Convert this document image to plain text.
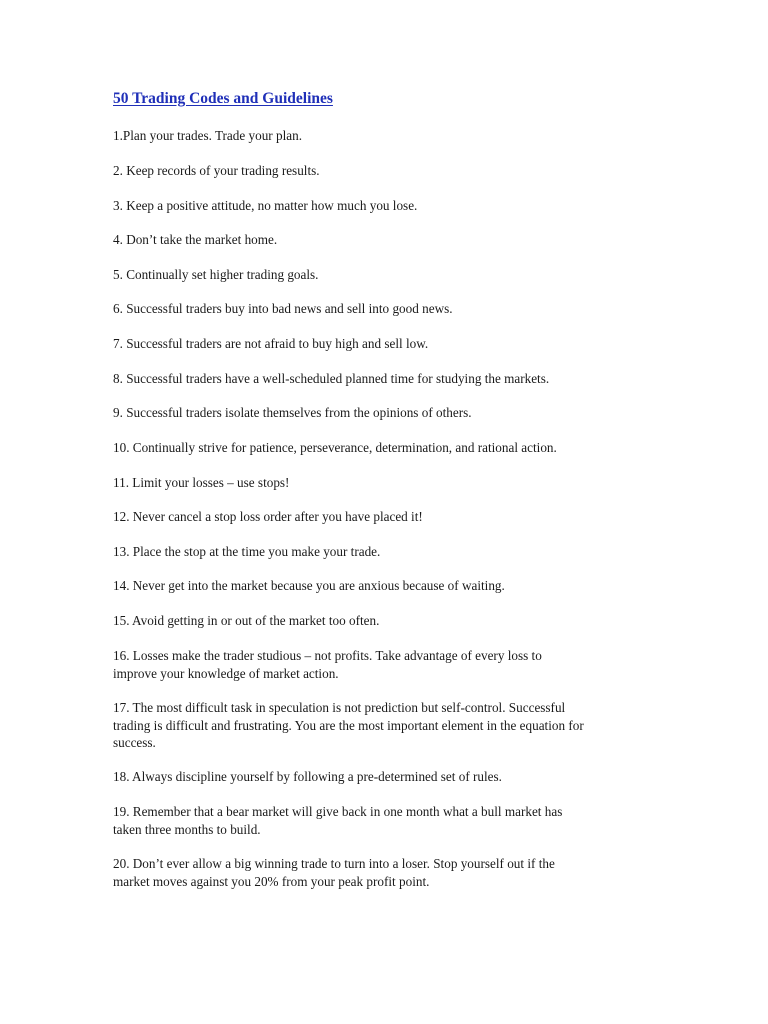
50 Trading Codes and Guidelines
1.Plan your trades. Trade your plan.
2. Keep records of your trading results.
3. Keep a positive attitude, no matter how much you lose.
4. Don’t take the market home.
5. Continually set higher trading goals.
6. Successful traders buy into bad news and sell into good news.
7. Successful traders are not afraid to buy high and sell low.
8. Successful traders have a well-scheduled planned time for studying the markets.
9. Successful traders isolate themselves from the opinions of others.
10. Continually strive for patience, perseverance, determination, and rational action.
11. Limit your losses – use stops!
12. Never cancel a stop loss order after you have placed it!
13. Place the stop at the time you make your trade.
14. Never get into the market because you are anxious because of waiting.
15. Avoid getting in or out of the market too often.
16. Losses make the trader studious – not profits. Take advantage of every loss to
improve your knowledge of market action.
17. The most difficult task in speculation is not prediction but self-control. Successful
trading is difficult and frustrating. You are the most important element in the equation for
success.
18. Always discipline yourself by following a pre-determined set of rules.
19. Remember that a bear market will give back in one month what a bull market has
taken three months to build.
20. Don’t ever allow a big winning trade to turn into a loser. Stop yourself out if the
market moves against you 20% from your peak profit point.
